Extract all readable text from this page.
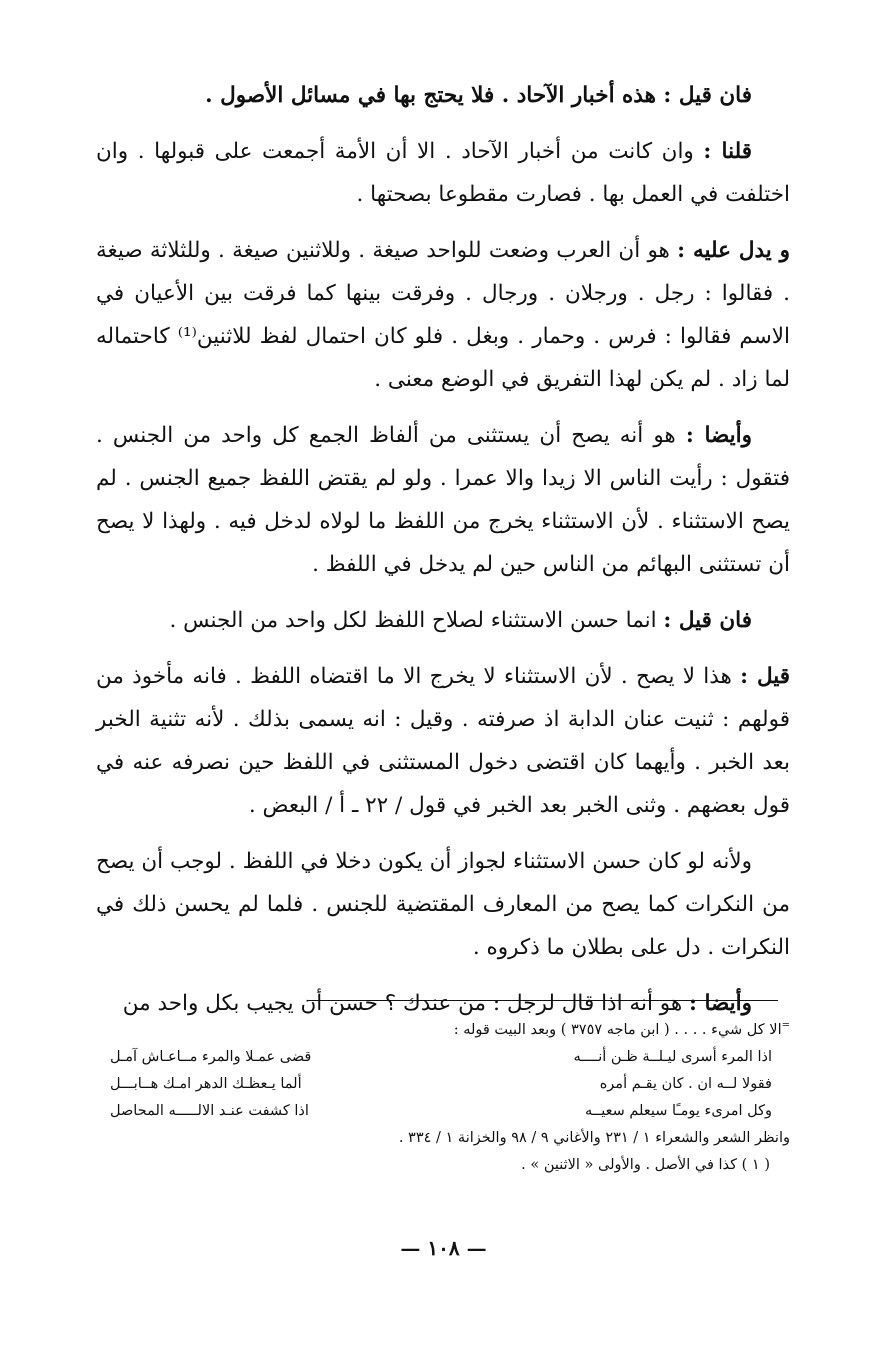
فان قيل : هذه أخبار الآحاد . فلا يحتج بها في مسائل الأصول .

قلنا : وان كانت من أخبار الآحاد . الا أن الأمة أجمعت على قبولها . وان اختلفت في العمل بها . فصارت مقطوعا بصحتها .

و يدل عليه : هو أن العرب وضعت للواحد صيغة . وللاثنين صيغة . وللثلاثة صيغة . فقالوا : رجل . ورجلان . ورجال . وفرقت بينها كما فرقت بين الأعيان في الاسم فقالوا : فرس . وحمار . وبغل . فلو كان احتمال لفظ للاثنين⁽¹⁾ كاحتماله لما زاد . لم يكن لهذا التفريق في الوضع معنى .

وأيضا : هو أنه يصح أن يستثنى من ألفاظ الجمع كل واحد من الجنس . فتقول : رأيت الناس الا زيدا والا عمرا . ولو لم يقتض اللفظ جميع الجنس . لم يصح الاستثناء . لأن الاستثناء يخرج من اللفظ ما لولاه لدخل فيه . ولهذا لا يصح أن تستثنى البهائم من الناس حين لم يدخل في اللفظ .

فان قيل : انما حسن الاستثناء لصلاح اللفظ لكل واحد من الجنس .

قيل : هذا لا يصح . لأن الاستثناء لا يخرج الا ما اقتضاه اللفظ . فانه مأخوذ من قولهم : ثنيت عنان الدابة اذ صرفته . وقيل : انه يسمى بذلك . لأنه تثنية الخبر بعد الخبر . وأيهما كان اقتضى دخول المستثنى في اللفظ حين نصرفه عنه في قول بعضهم . وثنى الخبر بعد الخبر في قول / ٢٢ ـ أ / البعض .

ولأنه لو كان حسن الاستثناء لجواز أن يكون دخلا في اللفظ . لوجب أن يصح من النكرات كما يصح من المعارف المقتضية للجنس . فلما لم يحسن ذلك في النكرات . دل على بطلان ما ذكروه .

وأيضا : هو أنه اذا قال لرجل : من عندك ؟ حسن أن يجيب بكل واحد من

=الا كل شيء . . . . ( ابن ماجه ٣٧٥٧ ) وبعد البيت قوله :

اذا المرء أسرى ليـلــة ظـن أنــــه
قضى عمـلا والمرء مــاعـاش آمـل
فقولا لــه ان . كان يقـم أمره
ألما يـعظـك الدهر امـك هــابـــل
وكل امرىء يومـًا سيعلم سعيــه
اذا كشفت عنـد الالـــــه المحاصل

وانظر الشعر والشعراء ١ / ٢٣١ والأغاني ٩ / ٩٨ والخزانة ١ / ٣٣٤ .

( ١ ) كذا في الأصل . والأولى « الاثنين » .

— ١٠٨ —
